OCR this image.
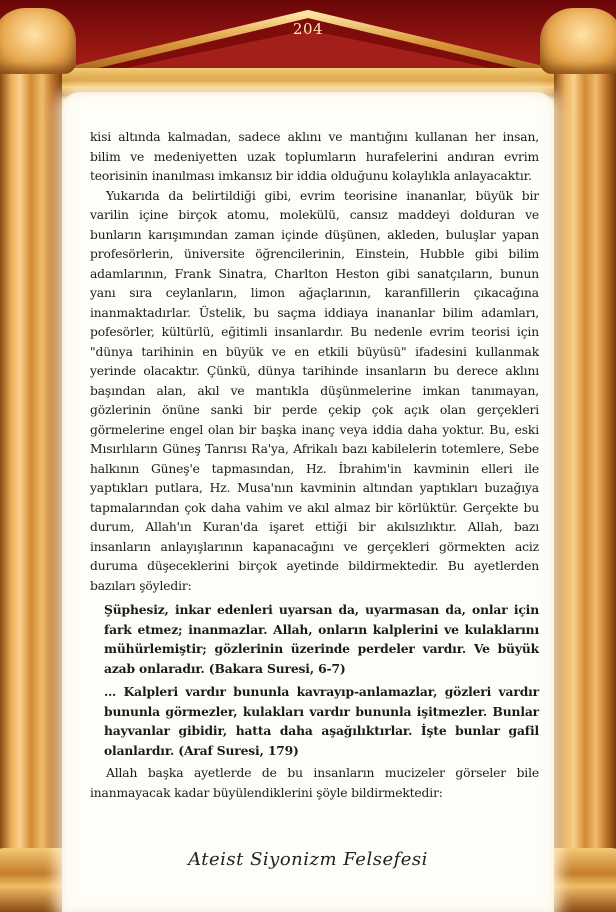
204

kisi altında kalmadan, sadece aklını ve mantığını kullanan her insan, bilim ve medeniyetten uzak toplumların hurafelerini andıran evrim teorisinin inanılması imkansız bir iddia olduğunu kolaylıkla anlayacaktır.

Yukarıda da belirtildiği gibi, evrim teorisine inananlar, büyük bir varilin içine birçok atomu, molekülü, cansız maddeyi dolduran ve bunların karışımından zaman içinde düşünen, akleden, buluşlar yapan profesörlerin, üniversite öğrencilerinin, Einstein, Hubble gibi bilim adamlarının, Frank Sinatra, Charlton Heston gibi sanatçıların, bunun yanı sıra ceylanların, limon ağaçlarının, karanfillerin çıkacağına inanmaktadırlar. Üstelik, bu saçma iddiaya inananlar bilim adamları, pofesörler, kültürlü, eğitimli insanlardır. Bu nedenle evrim teorisi için "dünya tarihinin en büyük ve en etkili büyüsü" ifadesini kullanmak yerinde olacaktır. Çünkü, dünya tarihinde insanların bu derece aklını başından alan, akıl ve mantıkla düşünmelerine imkan tanımayan, gözlerinin önüne sanki bir perde çekip çok açık olan gerçekleri görmelerine engel olan bir başka inanç veya iddia daha yoktur. Bu, eski Mısırlıların Güneş Tanrısı Ra'ya, Afrikalı bazı kabilelerin totemlere, Sebe halkının Güneş'e tapmasından, Hz. İbrahim'in kavminin elleri ile yaptıkları putlara, Hz. Musa'nın kavminin altından yaptıkları buzağıya tapmalarından çok daha vahim ve akıl almaz bir körlüktür. Gerçekte bu durum, Allah'ın Kuran'da işaret ettiği bir akılsızlıktır. Allah, bazı insanların anlayışlarının kapanacağını ve gerçekleri görmekten aciz duruma düşeceklerini birçok ayetinde bildirmektedir. Bu ayetlerden bazıları şöyledir:

Şüphesiz, inkar edenleri uyarsan da, uyarmasan da, onlar için fark etmez; inanmazlar. Allah, onların kalplerini ve kulaklarını mühürlemiştir; gözlerinin üzerinde perdeler vardır. Ve büyük azab onlaradır. (Bakara Suresi, 6-7)

… Kalpleri vardır bununla kavrayıp-anlamazlar, gözleri vardır bununla görmezler, kulakları vardır bununla işitmezler. Bunlar hayvanlar gibidir, hatta daha aşağılıktırlar. İşte bunlar gafil olanlardır. (Araf Suresi, 179)

Allah başka ayetlerde de bu insanların mucizeler görseler bile inanmayacak kadar büyülendiklerini şöyle bildirmektedir:

Ateist Siyonizm Felsefesi
